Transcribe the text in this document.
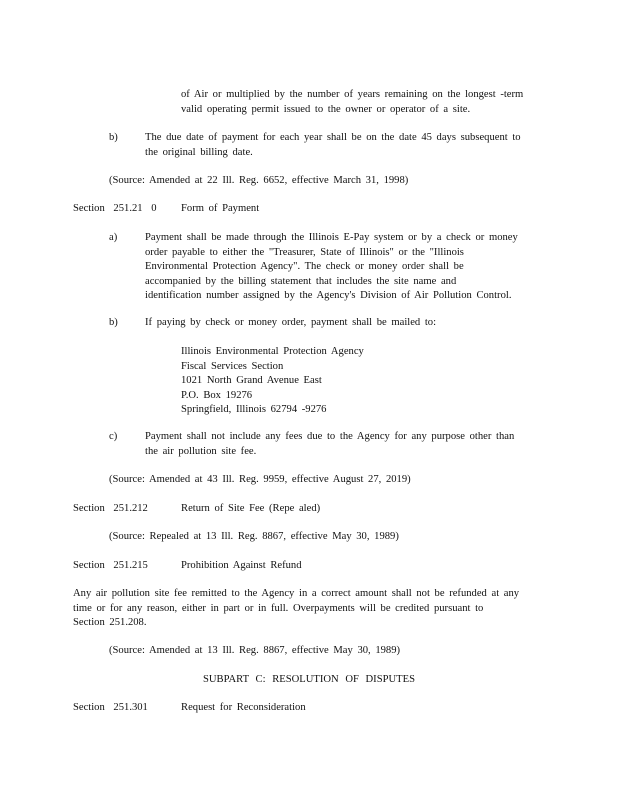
of Air or multiplied by the number of years remaining on the longest -term
valid operating permit issued to the owner or operator of a site.
b)	The due date of payment for each year shall be on the date 45 days subsequent to
the original billing date.
(Source: Amended at 22 Ill. Reg. 6652, effective March 31, 1998)
Section 251.21 0 Form of Payment
a)	Payment shall be made through the Illinois E-Pay system or by a check or money
order payable to either the "Treasurer, State of Illinois" or the "Illinois
Environmental Protection Agency". The check or money order shall be
accompanied by the billing statement that includes the site name and
identification number assigned by the Agency's Division of Air Pollution Control.
b)	If paying by check or money order, payment shall be mailed to:
Illinois Environmental Protection Agency
Fiscal Services Section
1021 North Grand Avenue East
P.O. Box 19276
Springfield, Illinois 62794 -9276
c)	Payment shall not include any fees due to the Agency for any purpose other than
the air pollution site fee.
(Source: Amended at 43 Ill. Reg. 9959, effective August 27, 2019)
Section 251.212	Return of Site Fee (Repe aled)
(Source: Repealed at 13 Ill. Reg. 8867, effective May 30, 1989)
Section 251.215	Prohibition Against Refund
Any air pollution site fee remitted to the Agency in a correct amount shall not be refunded at any
time or for any reason, either in part or in full. Overpayments will be credited pursuant to
Section 251.208.
(Source: Amended at 13 Ill. Reg. 8867, effective May 30, 1989)
SUBPART C: RESOLUTION OF DISPUTES
Section 251.301	Request for Reconsideration
